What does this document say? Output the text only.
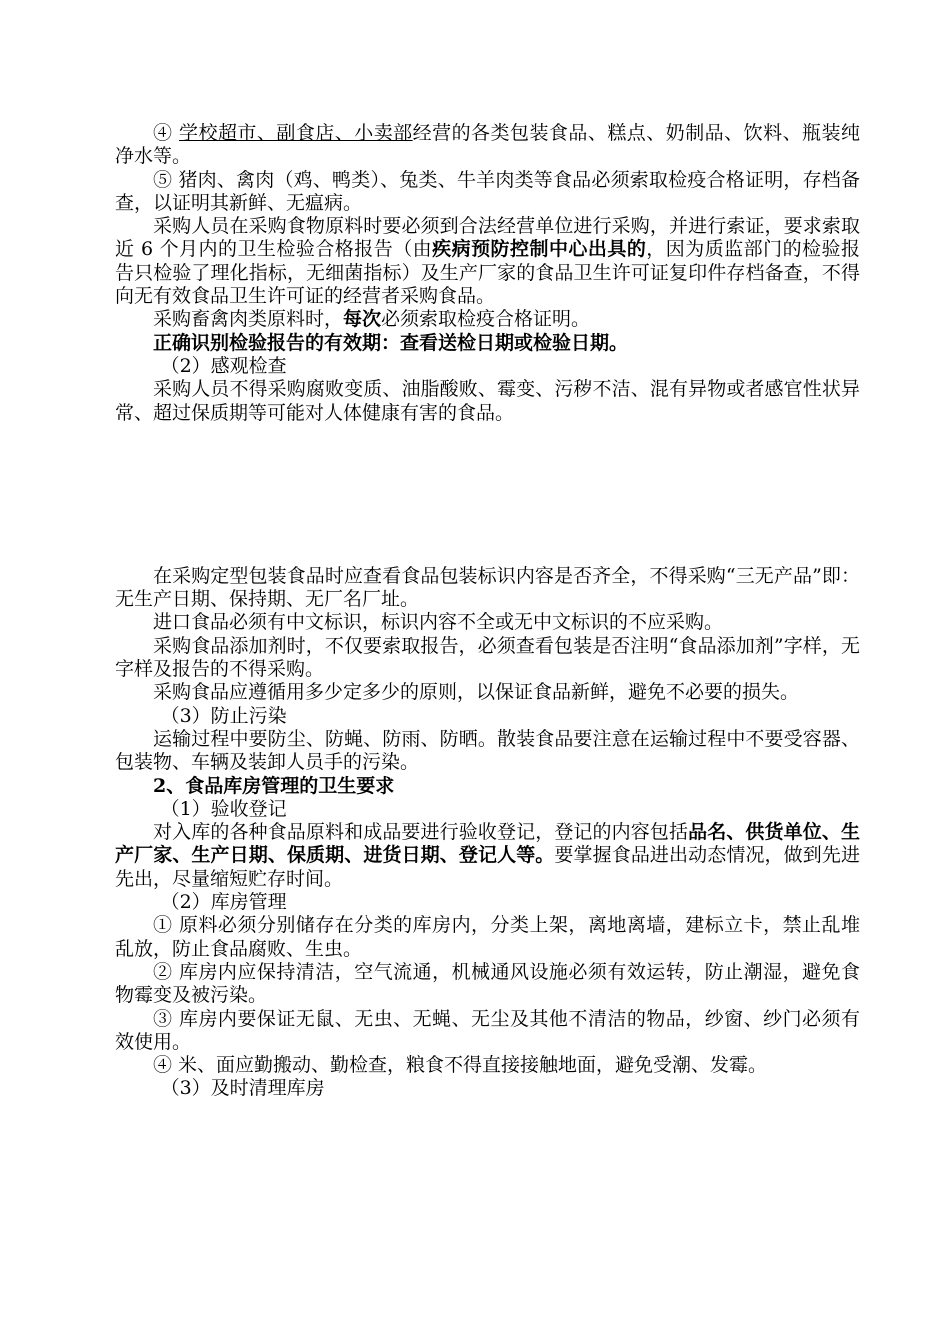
④ 学校超市、副食店、小卖部经营的各类包装食品、糕点、奶制品、饮料、瓶装纯净水等。

⑤ 猪肉、禽肉（鸡、鸭类）、兔类、牛羊肉类等食品必须索取检疫合格证明，存档备查，以证明其新鲜、无瘟病。

采购人员在采购食物原料时要必须到合法经营单位进行采购，并进行索证，要求索取近 6 个月内的卫生检验合格报告（由疾病预防控制中心出具的，因为质监部门的检验报告只检验了理化指标，无细菌指标）及生产厂家的食品卫生许可证复印件存档备查，不得向无有效食品卫生许可证的经营者采购食品。

采购畜禽肉类原料时，每次必须索取检疫合格证明。

正确识别检验报告的有效期：查看送检日期或检验日期。

（2）感观检查

采购人员不得采购腐败变质、油脂酸败、霉变、污秽不洁、混有异物或者感官性状异常、超过保质期等可能对人体健康有害的食品。

在采购定型包装食品时应查看食品包装标识内容是否齐全，不得采购“三无产品”即：无生产日期、保持期、无厂名厂址。

进口食品必须有中文标识，标识内容不全或无中文标识的不应采购。

采购食品添加剂时，不仅要索取报告，必须查看包装是否注明“食品添加剂”字样，无字样及报告的不得采购。

采购食品应遵循用多少定多少的原则，以保证食品新鲜，避免不必要的损失。

（3）防止污染

运输过程中要防尘、防蝇、防雨、防晒。散装食品要注意在运输过程中不要受容器、包装物、车辆及装卸人员手的污染。

2、食品库房管理的卫生要求

（1）验收登记

对入库的各种食品原料和成品要进行验收登记，登记的内容包括品名、供货单位、生产厂家、生产日期、保质期、进货日期、登记人等。要掌握食品进出动态情况，做到先进先出，尽量缩短贮存时间。

（2）库房管理

① 原料必须分别储存在分类的库房内，分类上架，离地离墙，建标立卡，禁止乱堆乱放，防止食品腐败、生虫。

② 库房内应保持清洁，空气流通，机械通风设施必须有效运转，防止潮湿，避免食物霉变及被污染。

③ 库房内要保证无鼠、无虫、无蝇、无尘及其他不清洁的物品，纱窗、纱门必须有效使用。

④ 米、面应勤搬动、勤检查，粮食不得直接接触地面，避免受潮、发霉。

（3）及时清理库房
